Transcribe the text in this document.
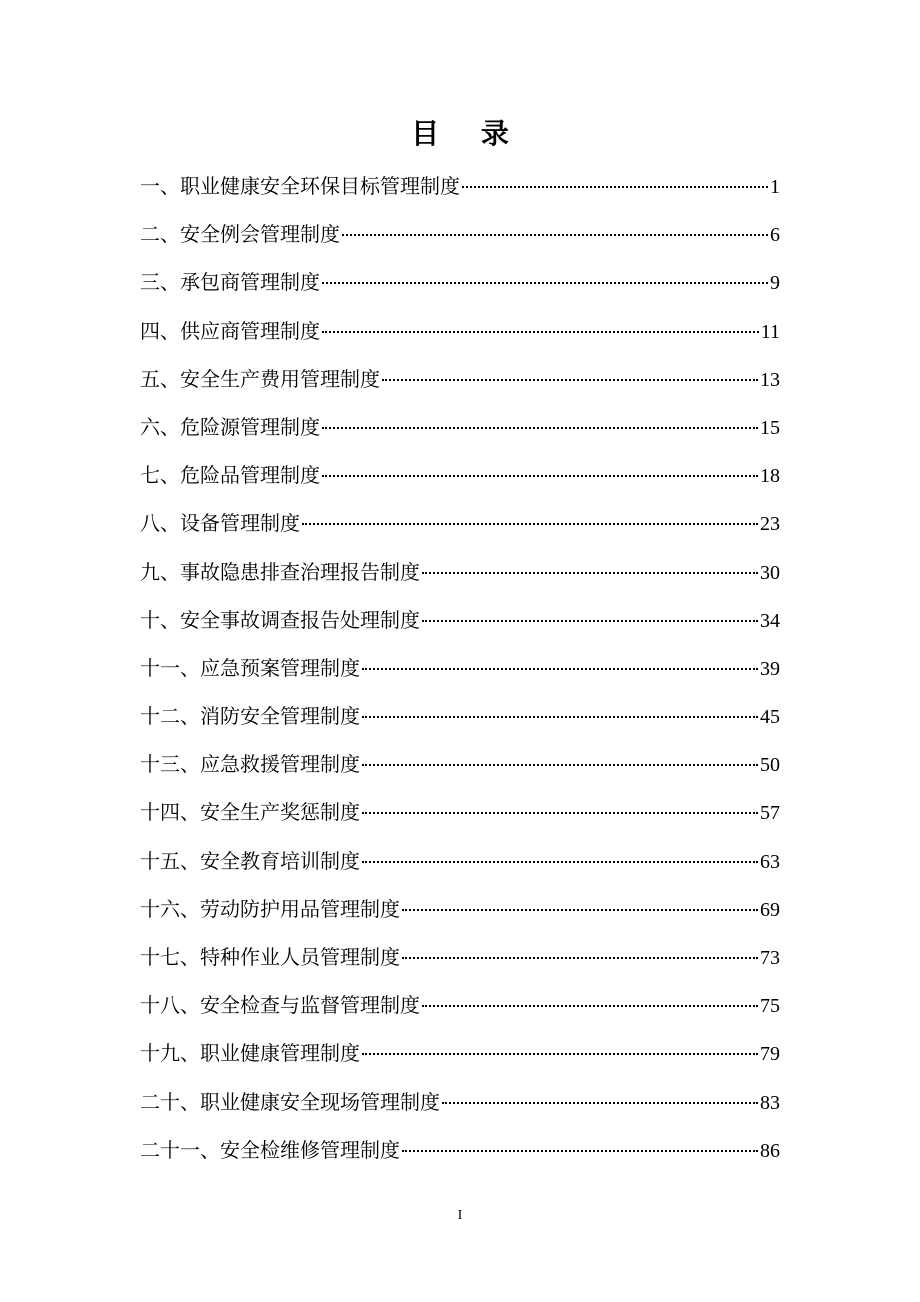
目 录
一、职业健康安全环保目标管理制度	1
二、安全例会管理制度	6
三、承包商管理制度	9
四、供应商管理制度	11
五、安全生产费用管理制度	13
六、危险源管理制度	15
七、危险品管理制度	18
八、设备管理制度	23
九、事故隐患排查治理报告制度	30
十、安全事故调查报告处理制度	34
十一、应急预案管理制度	39
十二、消防安全管理制度	45
十三、应急救援管理制度	50
十四、安全生产奖惩制度	57
十五、安全教育培训制度	63
十六、劳动防护用品管理制度	69
十七、特种作业人员管理制度	73
十八、安全检查与监督管理制度	75
十九、职业健康管理制度	79
二十、职业健康安全现场管理制度	83
二十一、安全检维修管理制度	86
I
